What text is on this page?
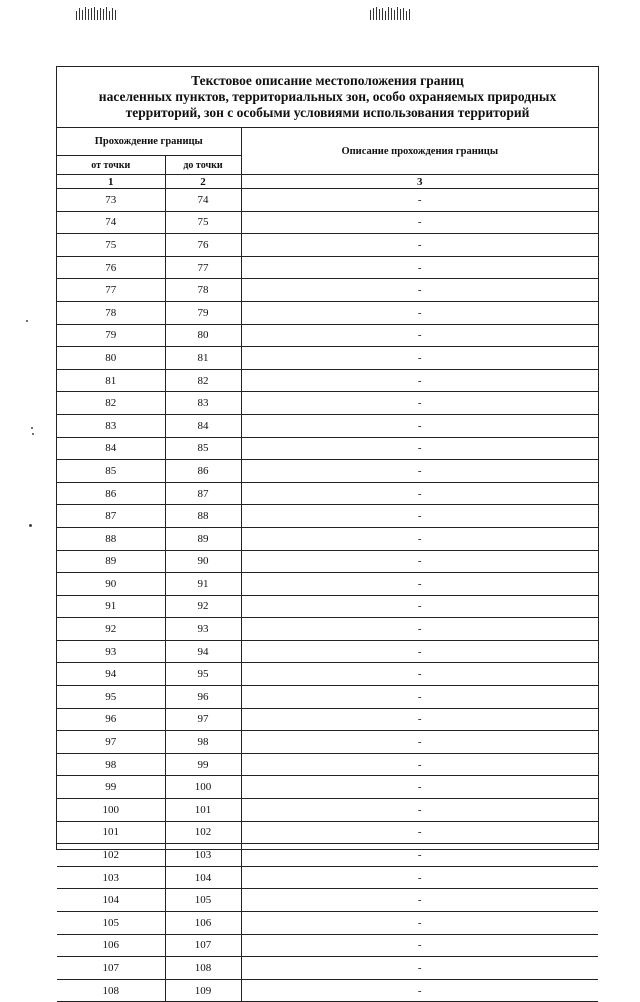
Текстовое описание местоположения границ
населенных пунктов, территориальных зон, особо охраняемых природных
территорий, зон с особыми условиями использования территорий
Прохождение границы		Описание прохождения границы
от точки	до точки	
1	2	3
73	74	-
74	75	-
75	76	-
76	77	-
77	78	-
78	79	-
79	80	-
80	81	-
81	82	-
82	83	-
83	84	-
84	85	-
85	86	-
86	87	-
87	88	-
88	89	-
89	90	-
90	91	-
91	92	-
92	93	-
93	94	-
94	95	-
95	96	-
96	97	-
97	98	-
98	99	-
99	100	-
100	101	-
101	102	-
102	103	-
103	104	-
104	105	-
105	106	-
106	107	-
107	108	-
108	109	-
